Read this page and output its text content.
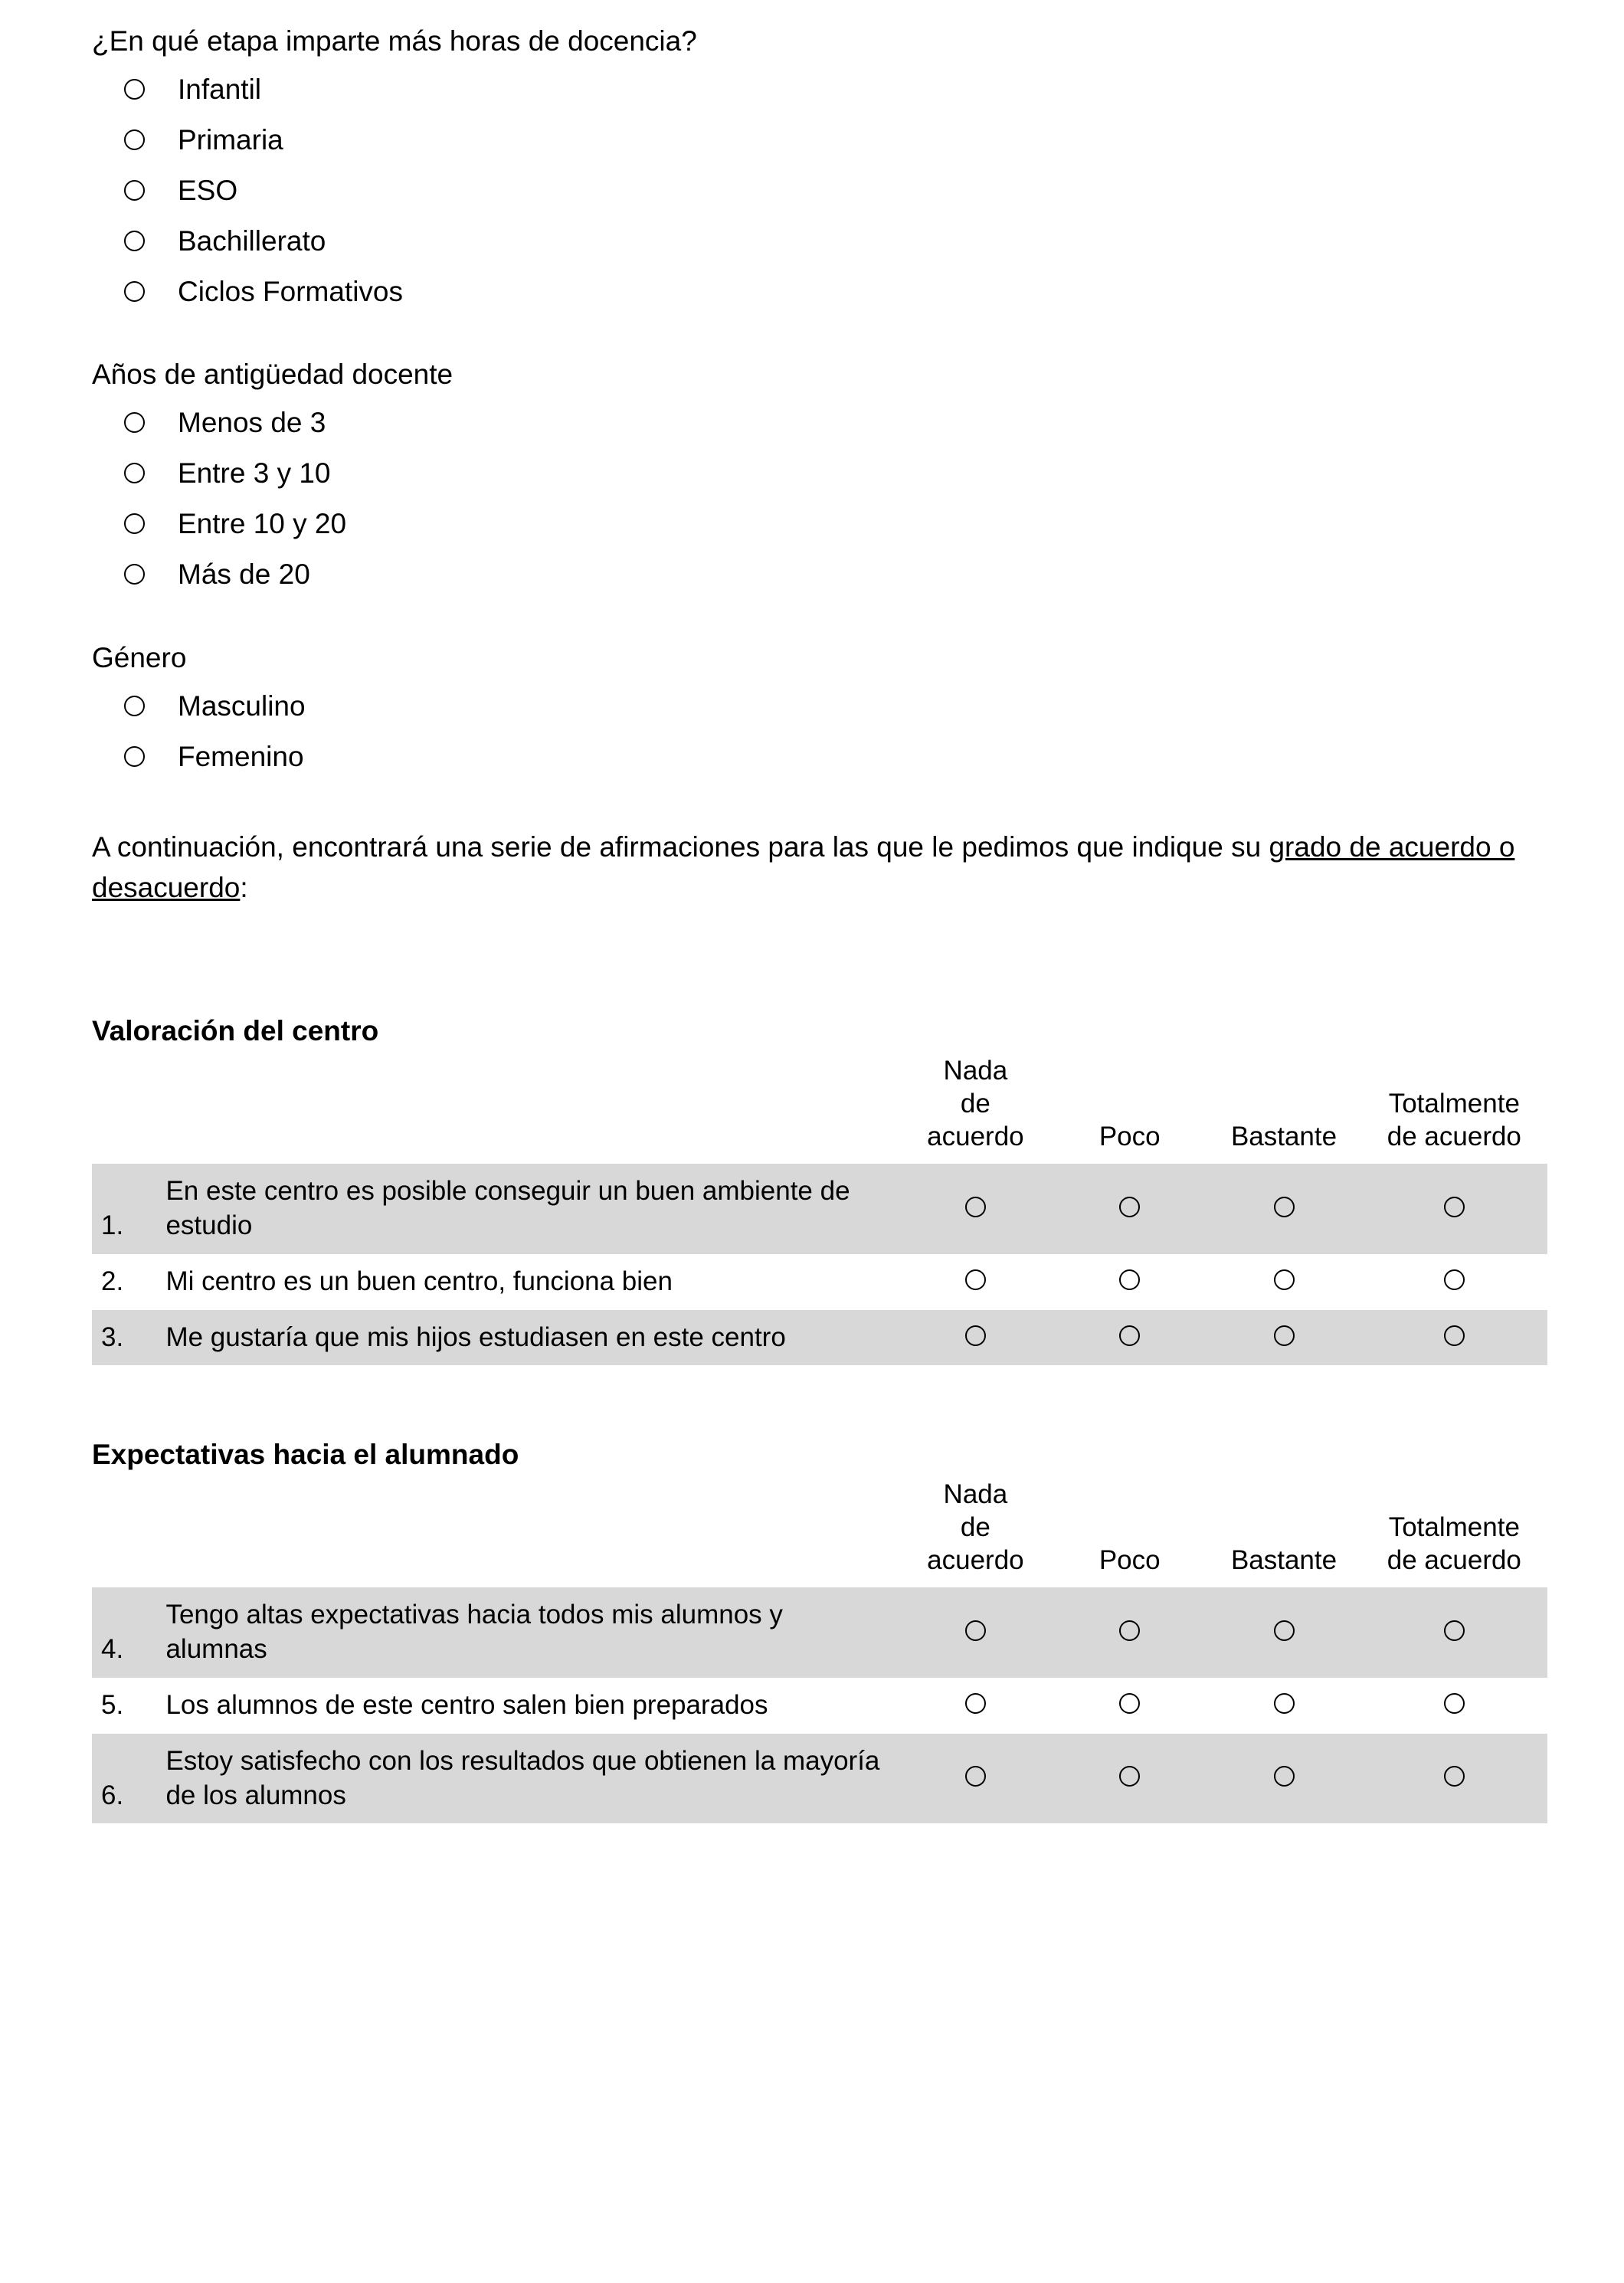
¿En qué etapa imparte más horas de docencia?

Infantil
Primaria
ESO
Bachillerato
Ciclos Formativos

Años de antigüedad docente

Menos de 3
Entre 3 y 10
Entre 10 y 20
Más de 20

Género

Masculino
Femenino

A continuación, encontrará una serie de afirmaciones para las que le pedimos que indique su grado de acuerdo o desacuerdo:

Valoración del centro

		Nada
de
acuerdo	Poco	Bastante	Totalmente
de acuerdo
1.	En este centro es posible conseguir un buen ambiente de estudio				
2.	Mi centro es un buen centro, funciona bien				
3.	Me gustaría que mis hijos estudiasen en este centro				

Expectativas hacia el alumnado

		Nada
de
acuerdo	Poco	Bastante	Totalmente
de acuerdo
4.	Tengo altas expectativas hacia todos mis alumnos y alumnas				
5.	Los alumnos de este centro salen bien preparados				
6.	Estoy satisfecho con los resultados que obtienen la mayoría de los alumnos				
